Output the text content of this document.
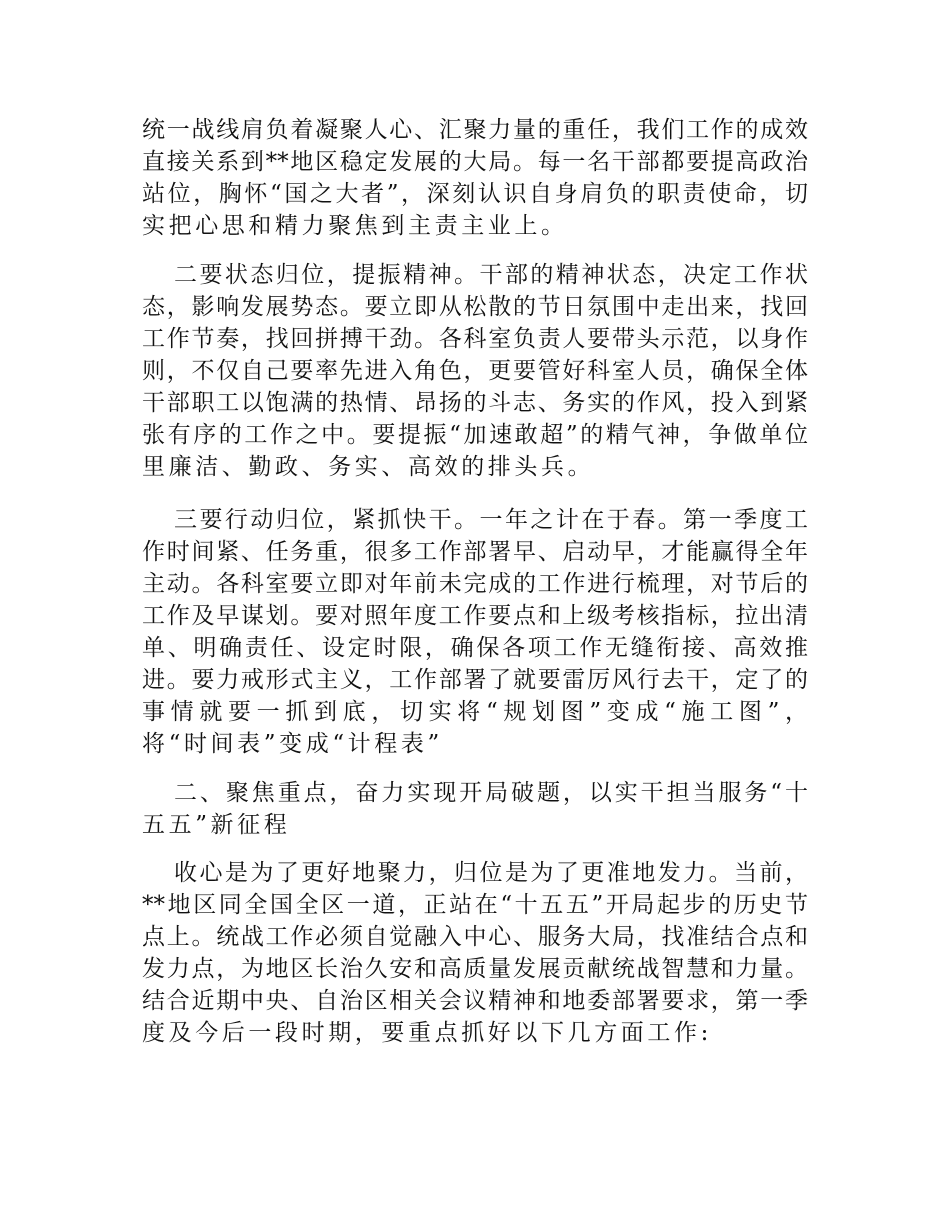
统一战线肩负着凝聚人心、汇聚力量的重任，我们工作的成效
直接关系到**地区稳定发展的大局。每一名干部都要提高政治
站位，胸怀“国之大者”，深刻认识自身肩负的职责使命，切
实把心思和精力聚焦到主责主业上。
二要状态归位，提振精神。干部的精神状态，决定工作状
态，影响发展势态。要立即从松散的节日氛围中走出来，找回
工作节奏，找回拼搏干劲。各科室负责人要带头示范，以身作
则，不仅自己要率先进入角色，更要管好科室人员，确保全体
干部职工以饱满的热情、昂扬的斗志、务实的作风，投入到紧
张有序的工作之中。要提振“加速敢超”的精气神，争做单位
里廉洁、勤政、务实、高效的排头兵。
三要行动归位，紧抓快干。一年之计在于春。第一季度工
作时间紧、任务重，很多工作部署早、启动早，才能赢得全年
主动。各科室要立即对年前未完成的工作进行梳理，对节后的
工作及早谋划。要对照年度工作要点和上级考核指标，拉出清
单、明确责任、设定时限，确保各项工作无缝衔接、高效推
进。要力戒形式主义，工作部署了就要雷厉风行去干，定了的
事情就要一抓到底，切实将“规划图”变成“施工图”，
将“时间表”变成“计程表”
二、聚焦重点，奋力实现开局破题，以实干担当服务“十
五五”新征程
收心是为了更好地聚力，归位是为了更准地发力。当前，
**地区同全国全区一道，正站在“十五五”开局起步的历史节
点上。统战工作必须自觉融入中心、服务大局，找准结合点和
发力点，为地区长治久安和高质量发展贡献统战智慧和力量。
结合近期中央、自治区相关会议精神和地委部署要求，第一季
度及今后一段时期，要重点抓好以下几方面工作:
